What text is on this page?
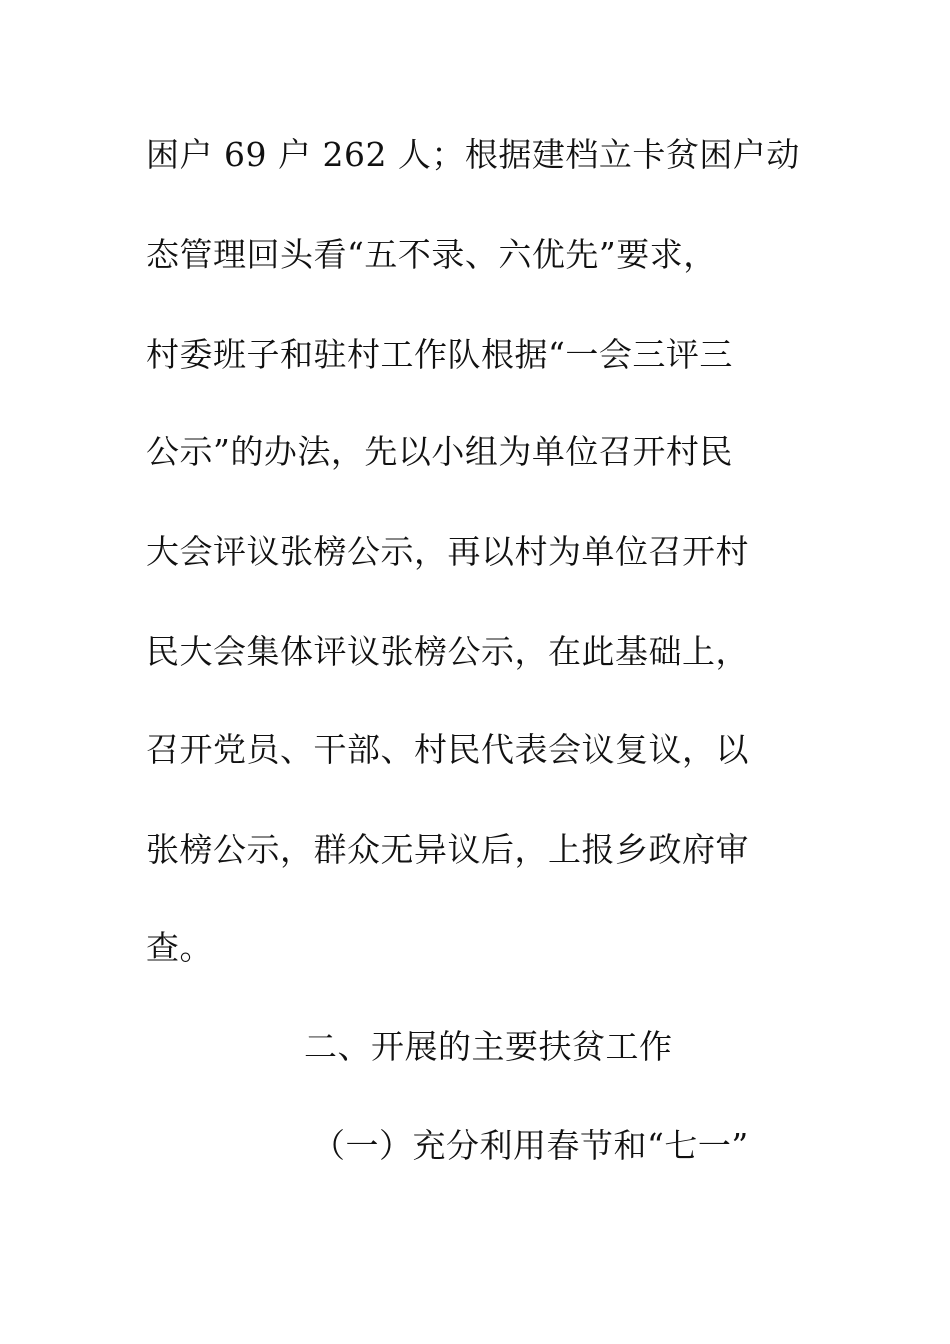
困户 69 户 262 人；根据建档立卡贫困户动
态管理回头看“五不录、六优先”要求，
村委班子和驻村工作队根据“一会三评三
公示”的办法，先以小组为单位召开村民
大会评议张榜公示，再以村为单位召开村
民大会集体评议张榜公示，在此基础上，
召开党员、干部、村民代表会议复议，以
张榜公示，群众无异议后，上报乡政府审
查。
二、开展的主要扶贫工作
（一）充分利用春节和“七一”
